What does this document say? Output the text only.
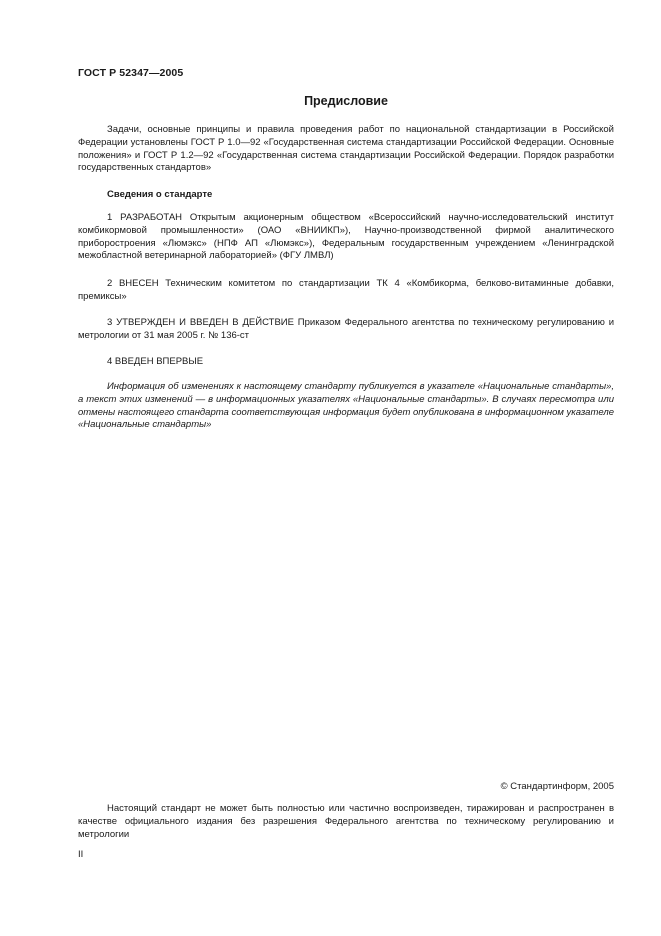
ГОСТ Р 52347—2005
Предисловие

Задачи, основные принципы и правила проведения работ по национальной стандартизации в Российской Федерации установлены ГОСТ Р 1.0—92 «Государственная система стандартизации Российской Федерации. Основные положения» и ГОСТ Р 1.2—92 «Государственная система стандартизации Российской Федерации. Порядок разработки государственных стандартов»

Сведения о стандарте

1 РАЗРАБОТАН Открытым акционерным обществом «Всероссийский научно-исследовательский институт комбикормовой промышленности» (ОАО «ВНИИКП»), Научно-производственной фирмой аналитического приборостроения «Люмэкс» (НПФ АП «Люмэкс»), Федеральным государственным учреждением «Ленинградской межобластной ветеринарной лабораторией» (ФГУ ЛМВЛ)

2 ВНЕСЕН Техническим комитетом по стандартизации ТК 4 «Комбикорма, белково-витаминные добавки, премиксы»

3 УТВЕРЖДЕН И ВВЕДЕН В ДЕЙСТВИЕ Приказом Федерального агентства по техническому регулированию и метрологии от 31 мая 2005 г. № 136-ст

4 ВВЕДЕН ВПЕРВЫЕ

Информация об изменениях к настоящему стандарту публикуется в указателе «Национальные стандарты», а текст этих изменений — в информационных указателях «Национальные стандарты». В случаях пересмотра или отмены настоящего стандарта соответствующая информация будет опубликована в информационном указателе «Национальные стандарты»

© Стандартинформ, 2005

Настоящий стандарт не может быть полностью или частично воспроизведен, тиражирован и распространен в качестве официального издания без разрешения Федерального агентства по техническому регулированию и метрологии

II
